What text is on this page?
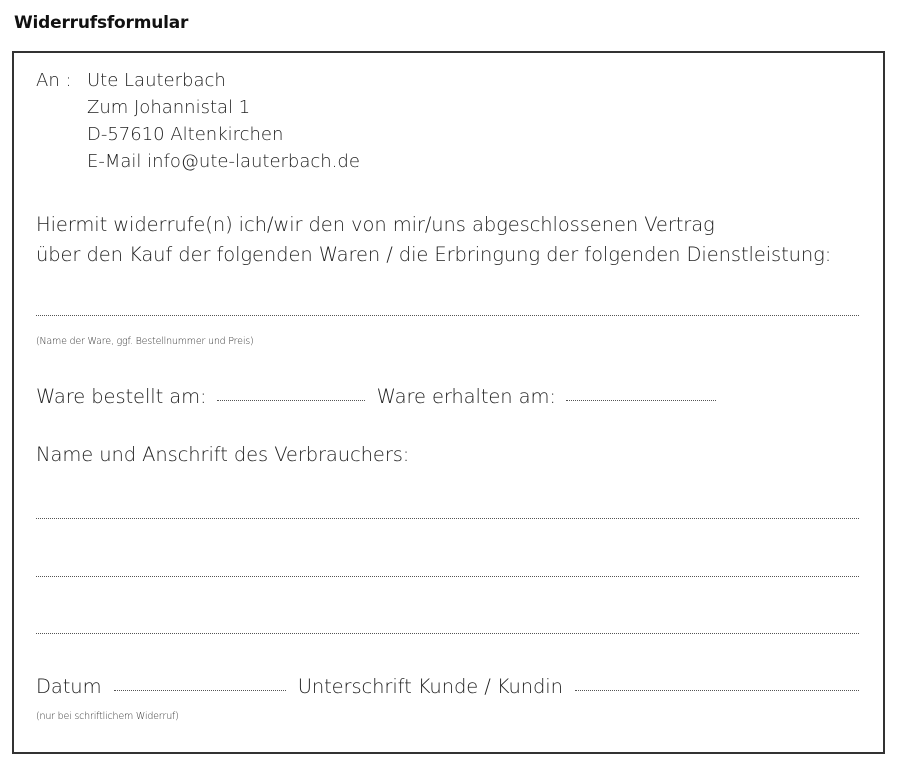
Widerrufsformular
An : Ute Lauterbach
Zum Johannistal 1
D-57610 Altenkirchen
E-Mail info@ute-lauterbach.de
Hiermit widerrufe(n) ich/wir den von mir/uns abgeschlossenen Vertrag
über den Kauf der folgenden Waren / die Erbringung der folgenden Dienstleistung:
(Name der Ware, ggf. Bestellnummer und Preis)
Ware bestellt am:	Ware erhalten am:
Name und Anschrift des Verbrauchers:
Datum	Unterschrift Kunde / Kundin
(nur bei schriftlichem Widerruf)
